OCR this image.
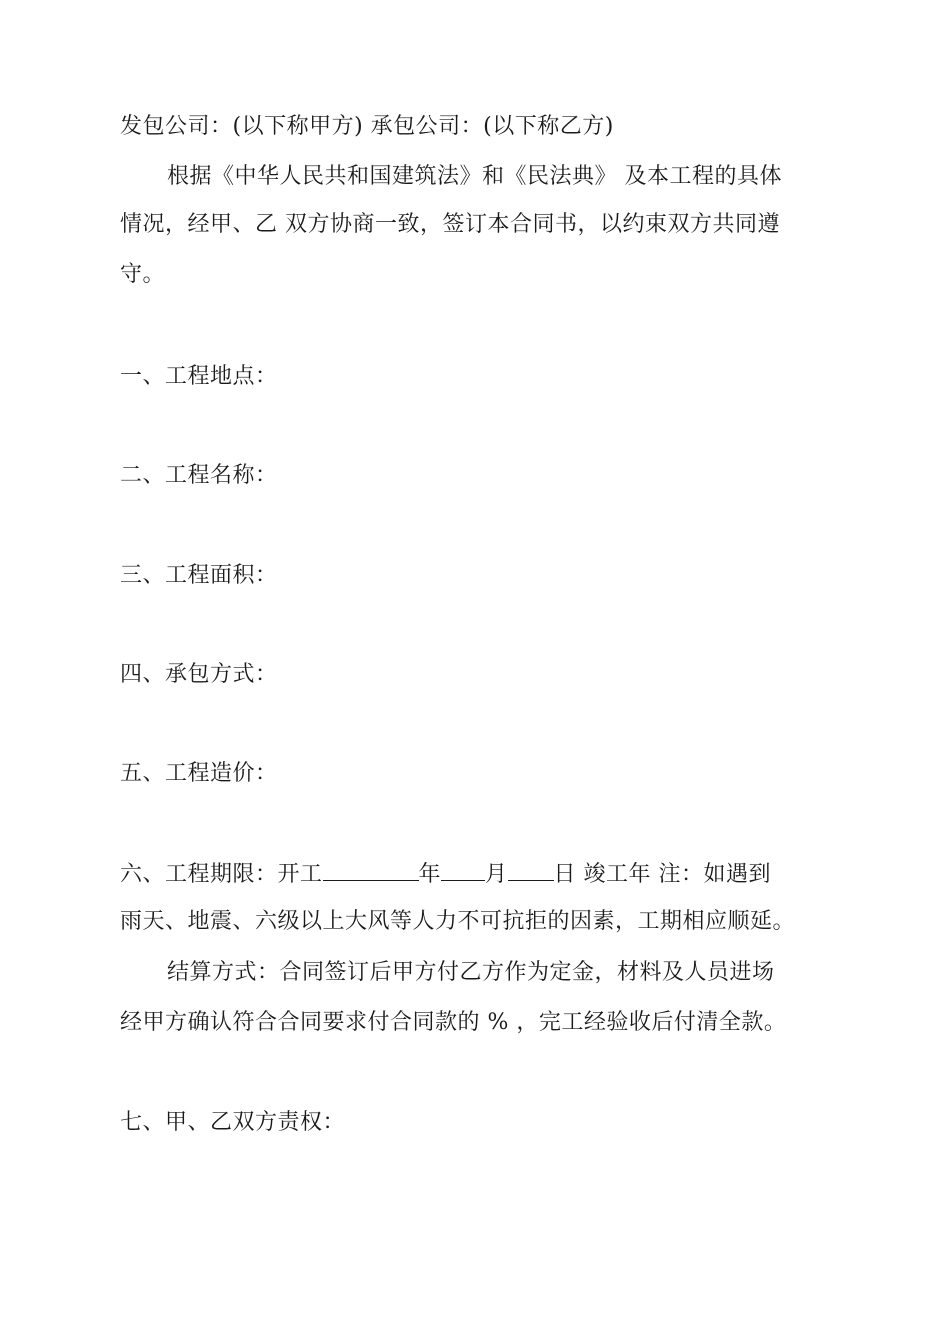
发包公司：(以下称甲方) 承包公司：(以下称乙方)
根据《中华人民共和国建筑法》和《民法典》 及本工程的具体
情况，经甲、乙 双方协商一致，签订本合同书，以约束双方共同遵
守。
一、工程地点：
二、工程名称：
三、工程面积：
四、承包方式：
五、工程造价：
六、工程期限：开工	年 月 日 竣工年 注：如遇到
雨天、地震、六级以上大风等人力不可抗拒的因素，工期相应顺延。
结算方式：合同签订后甲方付乙方作为定金，材料及人员进场
经甲方确认符合合同要求付合同款的 % ，完工经验收后付清全款。
七、甲、乙双方责权：
